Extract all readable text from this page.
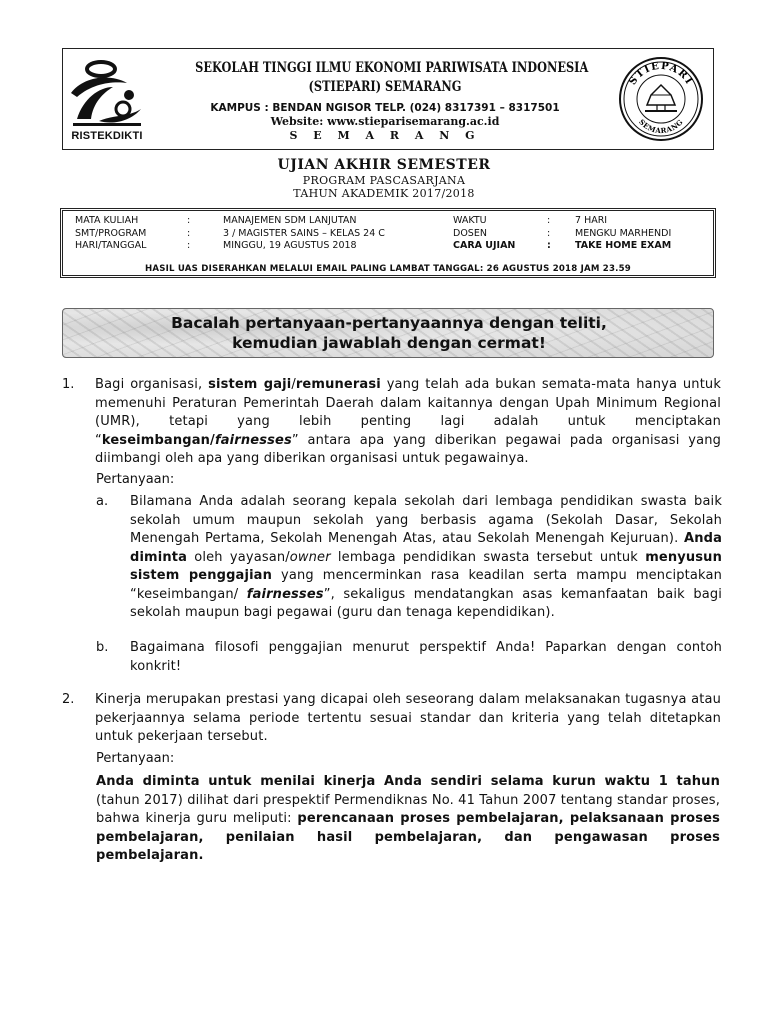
RISTEKDIKTI
SEKOLAH TINGGI ILMU EKONOMI PARIWISATA INDONESIA
(STIEPARI) SEMARANG
KAMPUS : BENDAN NGISOR TELP. (024) 8317391 – 8317501
Website: www.stieparisemarang.ac.id
S E M A R A N G
STIEPARI
SEMARANG
UJIAN AKHIR SEMESTER
PROGRAM PASCASARJANA
TAHUN AKADEMIK 2017/2018
MATA KULIAH	:	MANAJEMEN SDM LANJUTAN	WAKTU	:	7 HARI
SMT/PROGRAM	:	3 / MAGISTER SAINS – KELAS 24 C	DOSEN	:	MENGKU MARHENDI
HARI/TANGGAL	:	MINGGU, 19 AGUSTUS 2018	CARA UJIAN	:	TAKE HOME EXAM
HASIL UAS DISERAHKAN MELALUI EMAIL PALING LAMBAT TANGGAL: 26 AGUSTUS 2018 JAM 23.59
Bacalah pertanyaan-pertanyaannya dengan teliti,
kemudian jawablah dengan cermat!
1. Bagi organisasi, sistem gaji/remunerasi yang telah ada bukan semata-mata hanya untuk memenuhi Peraturan Pemerintah Daerah dalam kaitannya dengan Upah Minimum Regional (UMR), tetapi yang lebih penting lagi adalah untuk menciptakan “keseimbangan/fairnesses” antara apa yang diberikan pegawai pada organisasi yang diimbangi oleh apa yang diberikan organisasi untuk pegawainya.
Pertanyaan:
a. Bilamana Anda adalah seorang kepala sekolah dari lembaga pendidikan swasta baik sekolah umum maupun sekolah yang berbasis agama (Sekolah Dasar, Sekolah Menengah Pertama, Sekolah Menengah Atas, atau Sekolah Menengah Kejuruan). Anda diminta oleh yayasan/owner lembaga pendidikan swasta tersebut untuk menyusun sistem penggajian yang mencerminkan rasa keadilan serta mampu menciptakan “keseimbangan/ fairnesses”, sekaligus mendatangkan asas kemanfaatan baik bagi sekolah maupun bagi pegawai (guru dan tenaga kependidikan).
b. Bagaimana filosofi penggajian menurut perspektif Anda! Paparkan dengan contoh konkrit!
2. Kinerja merupakan prestasi yang dicapai oleh seseorang dalam melaksanakan tugasnya atau pekerjaannya selama periode tertentu sesuai standar dan kriteria yang telah ditetapkan untuk pekerjaan tersebut.
Pertanyaan:
Anda diminta untuk menilai kinerja Anda sendiri selama kurun waktu 1 tahun (tahun 2017) dilihat dari prespektif Permendiknas No. 41 Tahun 2007 tentang standar proses, bahwa kinerja guru meliputi: perencanaan proses pembelajaran, pelaksanaan proses pembelajaran, penilaian hasil pembelajaran, dan pengawasan proses pembelajaran.
